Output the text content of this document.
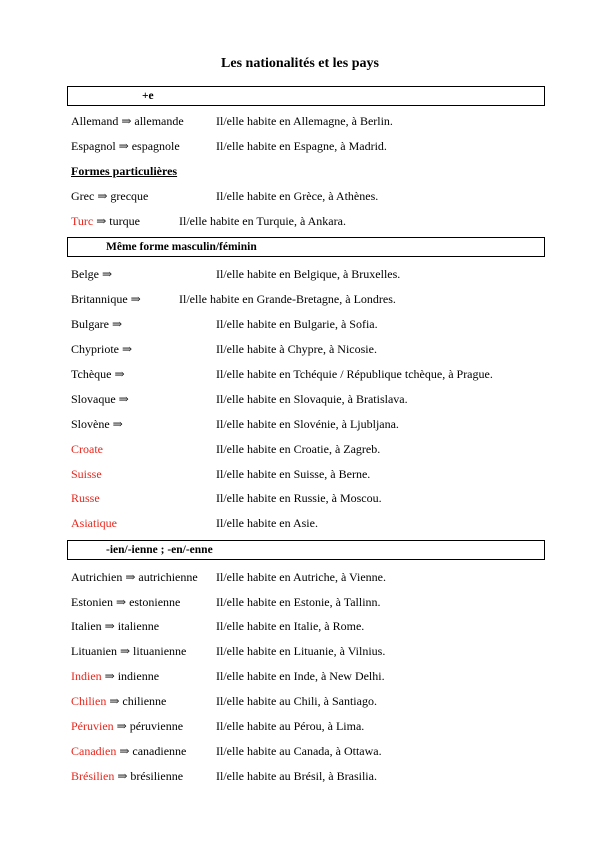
Les nationalités et les pays
+e
Allemand ⇒ allemande	Il/elle habite en Allemagne, à Berlin.
Espagnol ⇒ espagnole	Il/elle habite en Espagne, à Madrid.
Formes particulières
Grec ⇒ grecque	Il/elle habite en Grèce, à Athènes.
Turc ⇒ turque	Il/elle habite en Turquie, à Ankara.
Même forme masculin/féminin
Belge ⇒	Il/elle habite en Belgique, à Bruxelles.
Britannique ⇒	Il/elle habite en Grande-Bretagne, à Londres.
Bulgare ⇒	Il/elle habite en Bulgarie, à Sofia.
Chypriote ⇒	Il/elle habite à Chypre, à Nicosie.
Tchèque ⇒	Il/elle habite en Tchéquie / République tchèque, à Prague.
Slovaque ⇒	Il/elle habite en Slovaquie, à Bratislava.
Slovène ⇒	Il/elle habite en Slovénie, à Ljubljana.
Croate	Il/elle habite en Croatie, à Zagreb.
Suisse	Il/elle habite en Suisse, à Berne.
Russe	Il/elle habite en Russie, à Moscou.
Asiatique	Il/elle habite en Asie.
-ien/-ienne ; -en/-enne
Autrichien ⇒ autrichienne Il/elle habite en Autriche, à Vienne.
Estonien ⇒ estonienne	Il/elle habite en Estonie, à Tallinn.
Italien ⇒ italienne	Il/elle habite en Italie, à Rome.
Lituanien ⇒ lituanienne Il/elle habite en Lituanie, à Vilnius.
Indien ⇒ indienne	Il/elle habite en Inde, à New Delhi.
Chilien ⇒ chilienne	Il/elle habite au Chili, à Santiago.
Péruvien ⇒ péruvienne	Il/elle habite au Pérou, à Lima.
Canadien ⇒ canadienne Il/elle habite au Canada, à Ottawa.
Brésilien ⇒ brésilienne	Il/elle habite au Brésil, à Brasilia.
